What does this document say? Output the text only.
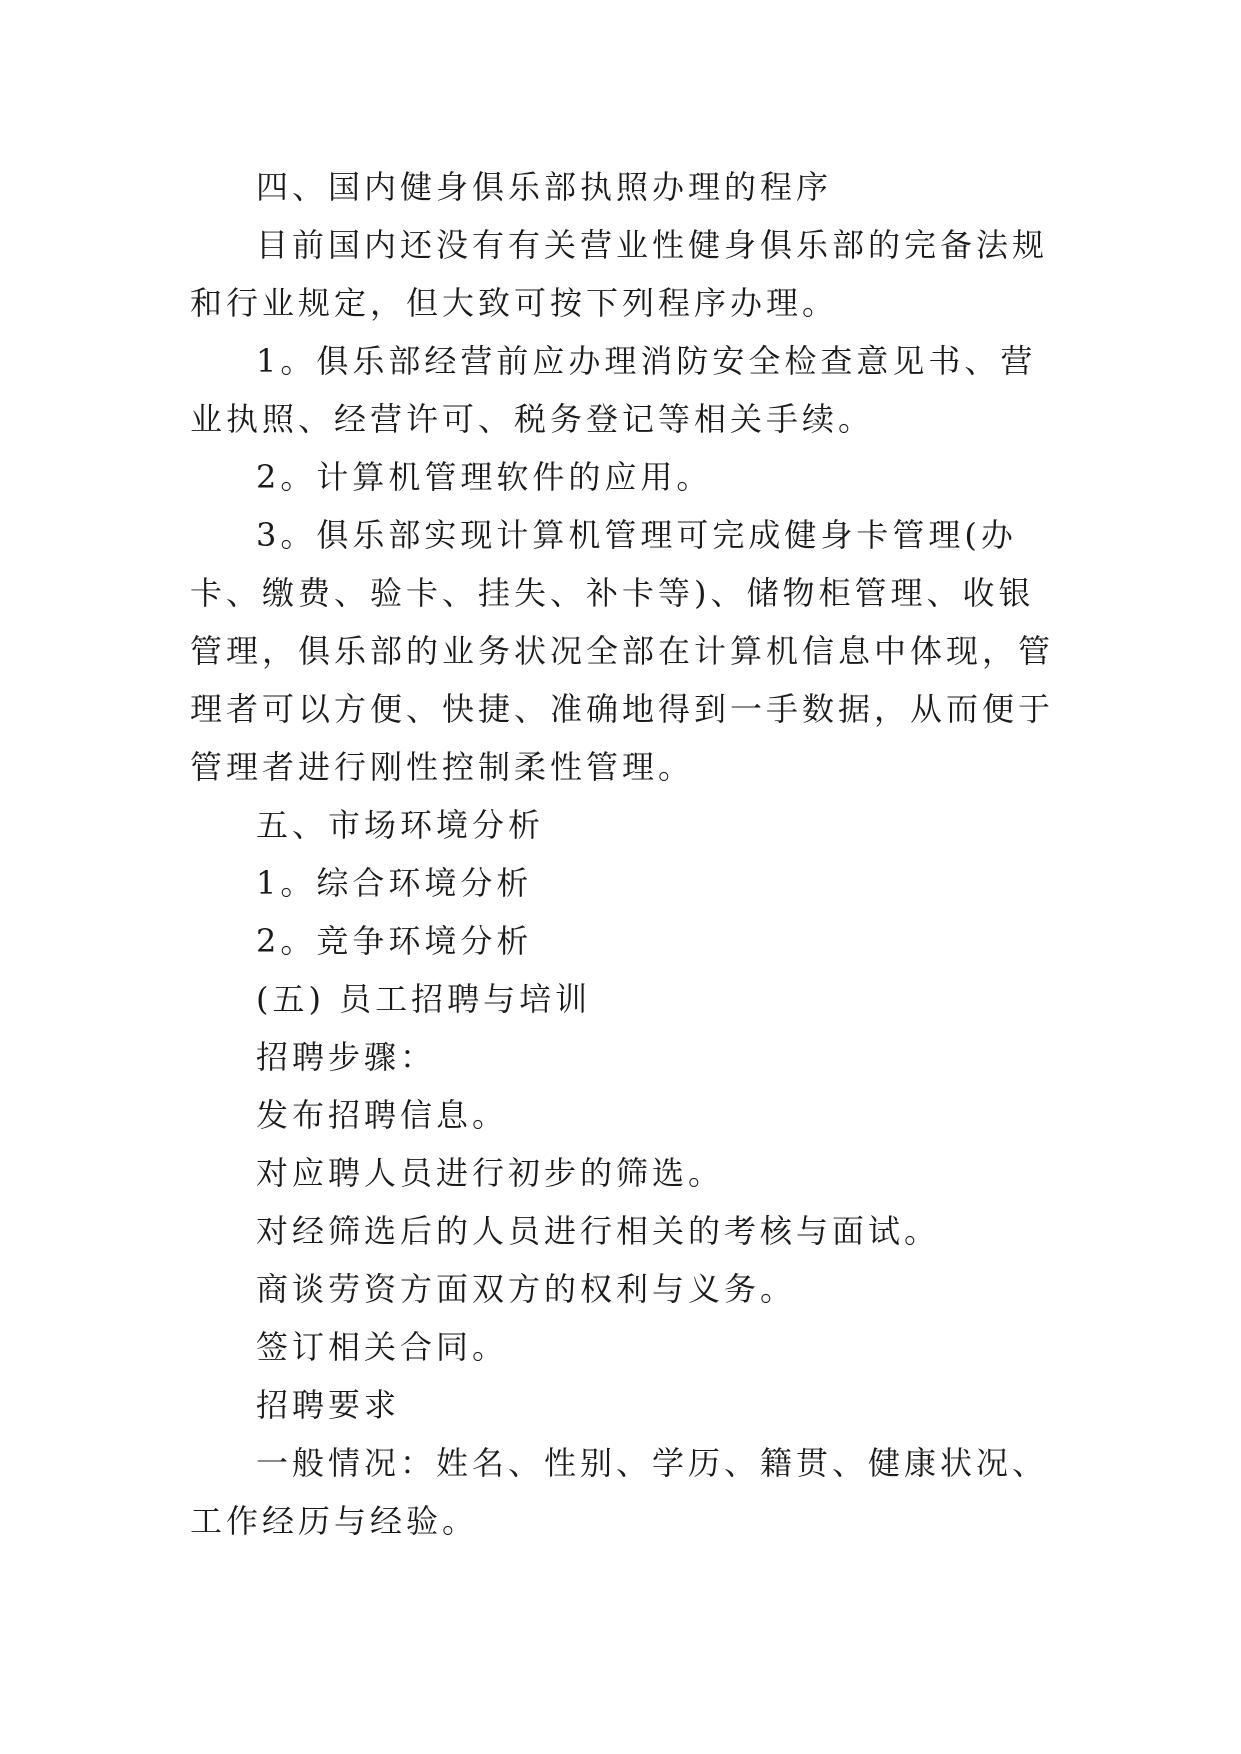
四、国内健身俱乐部执照办理的程序

目前国内还没有有关营业性健身俱乐部的完备法规和行业规定，但大致可按下列程序办理。

1。俱乐部经营前应办理消防安全检查意见书、营业执照、经营许可、税务登记等相关手续。

2。计算机管理软件的应用。

3。俱乐部实现计算机管理可完成健身卡管理(办卡、缴费、验卡、挂失、补卡等)、储物柜管理、收银管理，俱乐部的业务状况全部在计算机信息中体现，管理者可以方便、快捷、准确地得到一手数据，从而便于管理者进行刚性控制柔性管理。

五、市场环境分析

1。综合环境分析

2。竞争环境分析

(五) 员工招聘与培训

招聘步骤：

发布招聘信息。

对应聘人员进行初步的筛选。

对经筛选后的人员进行相关的考核与面试。

商谈劳资方面双方的权利与义务。

签订相关合同。

招聘要求

一般情况：姓名、性别、学历、籍贯、健康状况、工作经历与经验。
